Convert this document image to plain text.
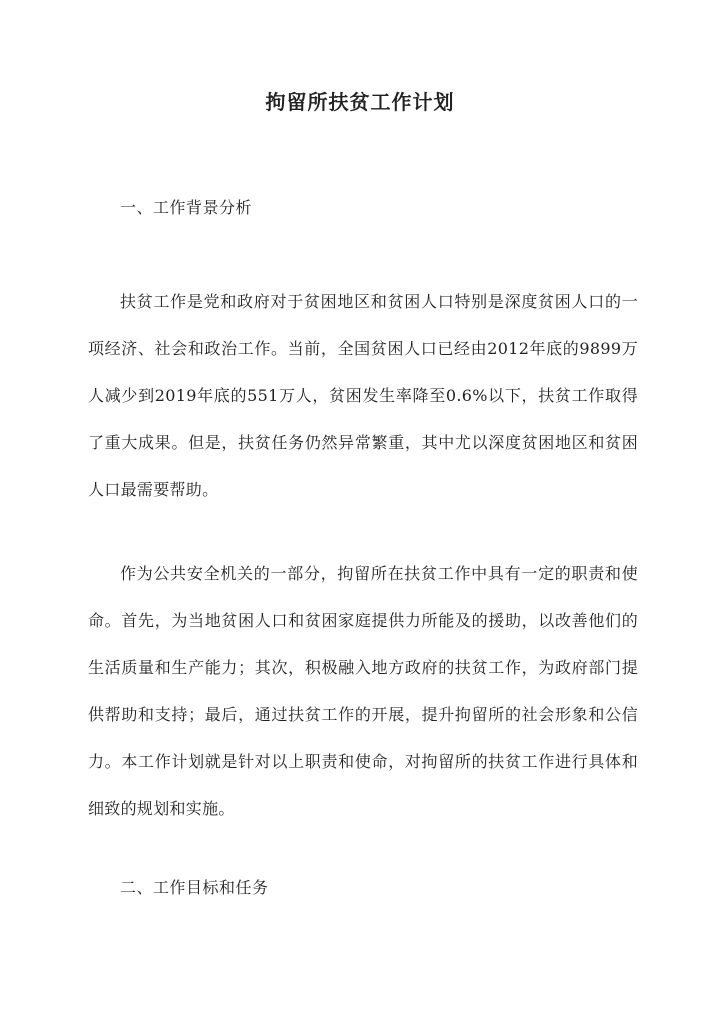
拘留所扶贫工作计划
一、工作背景分析
扶贫工作是党和政府对于贫困地区和贫困人口特别是深度贫困人口的一项经济、社会和政治工作。当前，全国贫困人口已经由2012年底的9899万人减少到2019年底的551万人，贫困发生率降至0.6%以下，扶贫工作取得了重大成果。但是，扶贫任务仍然异常繁重，其中尤以深度贫困地区和贫困人口最需要帮助。
作为公共安全机关的一部分，拘留所在扶贫工作中具有一定的职责和使命。首先，为当地贫困人口和贫困家庭提供力所能及的援助，以改善他们的生活质量和生产能力；其次，积极融入地方政府的扶贫工作，为政府部门提供帮助和支持；最后，通过扶贫工作的开展，提升拘留所的社会形象和公信力。本工作计划就是针对以上职责和使命，对拘留所的扶贫工作进行具体和细致的规划和实施。
二、工作目标和任务
